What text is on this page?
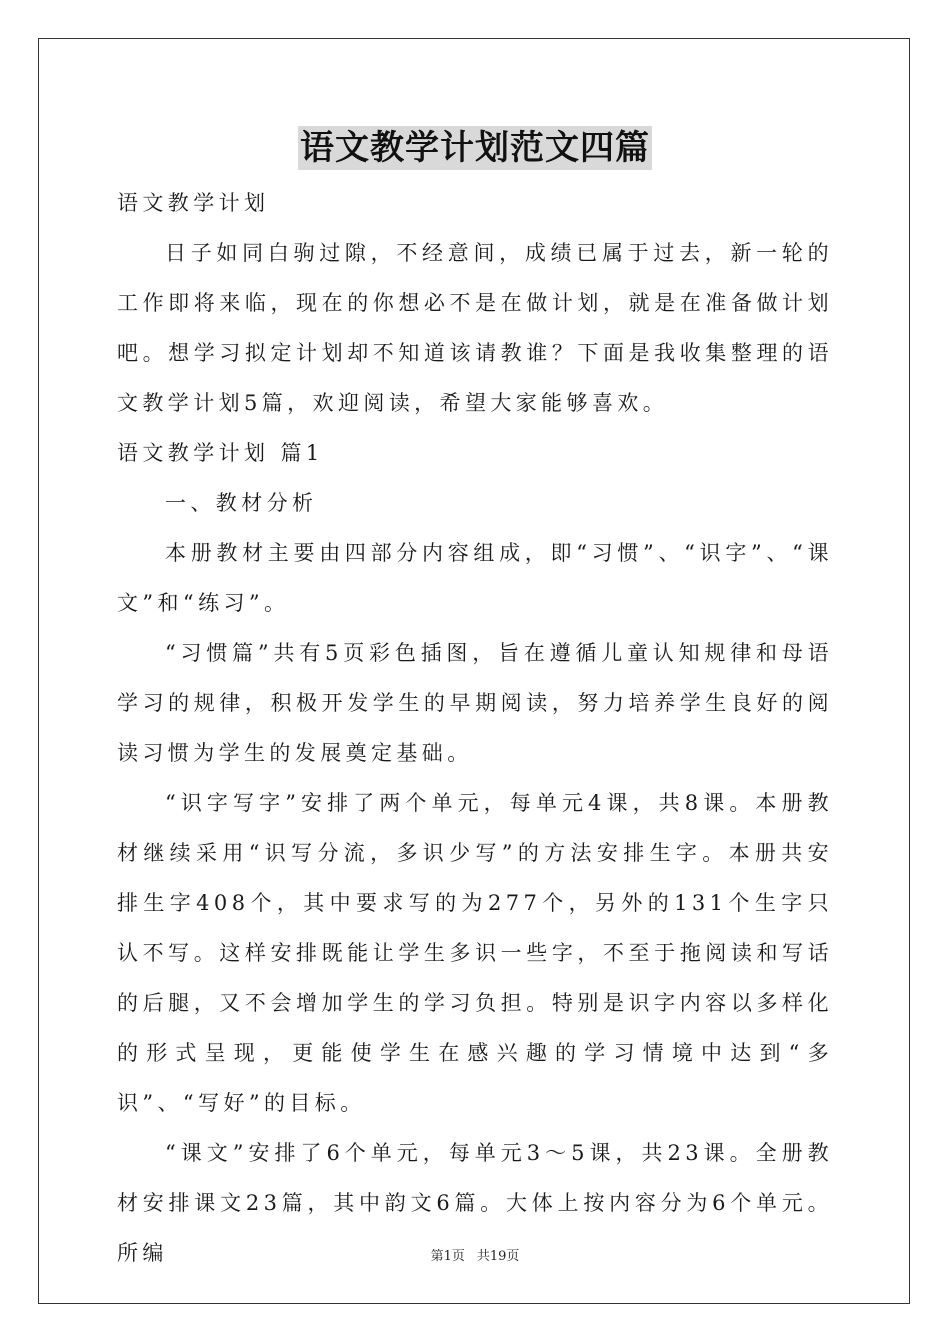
语文教学计划范文四篇

语文教学计划

日子如同白驹过隙，不经意间，成绩已属于过去，新一轮的工作即将来临，现在的你想必不是在做计划，就是在准备做计划吧。想学习拟定计划却不知道该请教谁？下面是我收集整理的语文教学计划5篇，欢迎阅读，希望大家能够喜欢。

语文教学计划 篇1

一、教材分析

本册教材主要由四部分内容组成，即“习惯”、“识字”、“课文”和“练习”。

“习惯篇”共有5页彩色插图，旨在遵循儿童认知规律和母语学习的规律，积极开发学生的早期阅读，努力培养学生良好的阅读习惯为学生的发展奠定基础。

“识字写字”安排了两个单元，每单元4课，共8课。本册教材继续采用“识写分流，多识少写”的方法安排生字。本册共安排生字408个，其中要求写的为277个，另外的131个生字只认不写。这样安排既能让学生多识一些字，不至于拖阅读和写话的后腿，又不会增加学生的学习负担。特别是识字内容以多样化的形式呈现，更能使学生在感兴趣的学习情境中达到“多识”、“写好”的目标。

“课文”安排了6个单元，每单元3～5课，共23课。全册教材安排课文23篇，其中韵文6篇。大体上按内容分为6个单元。所编	第1页 共19页
